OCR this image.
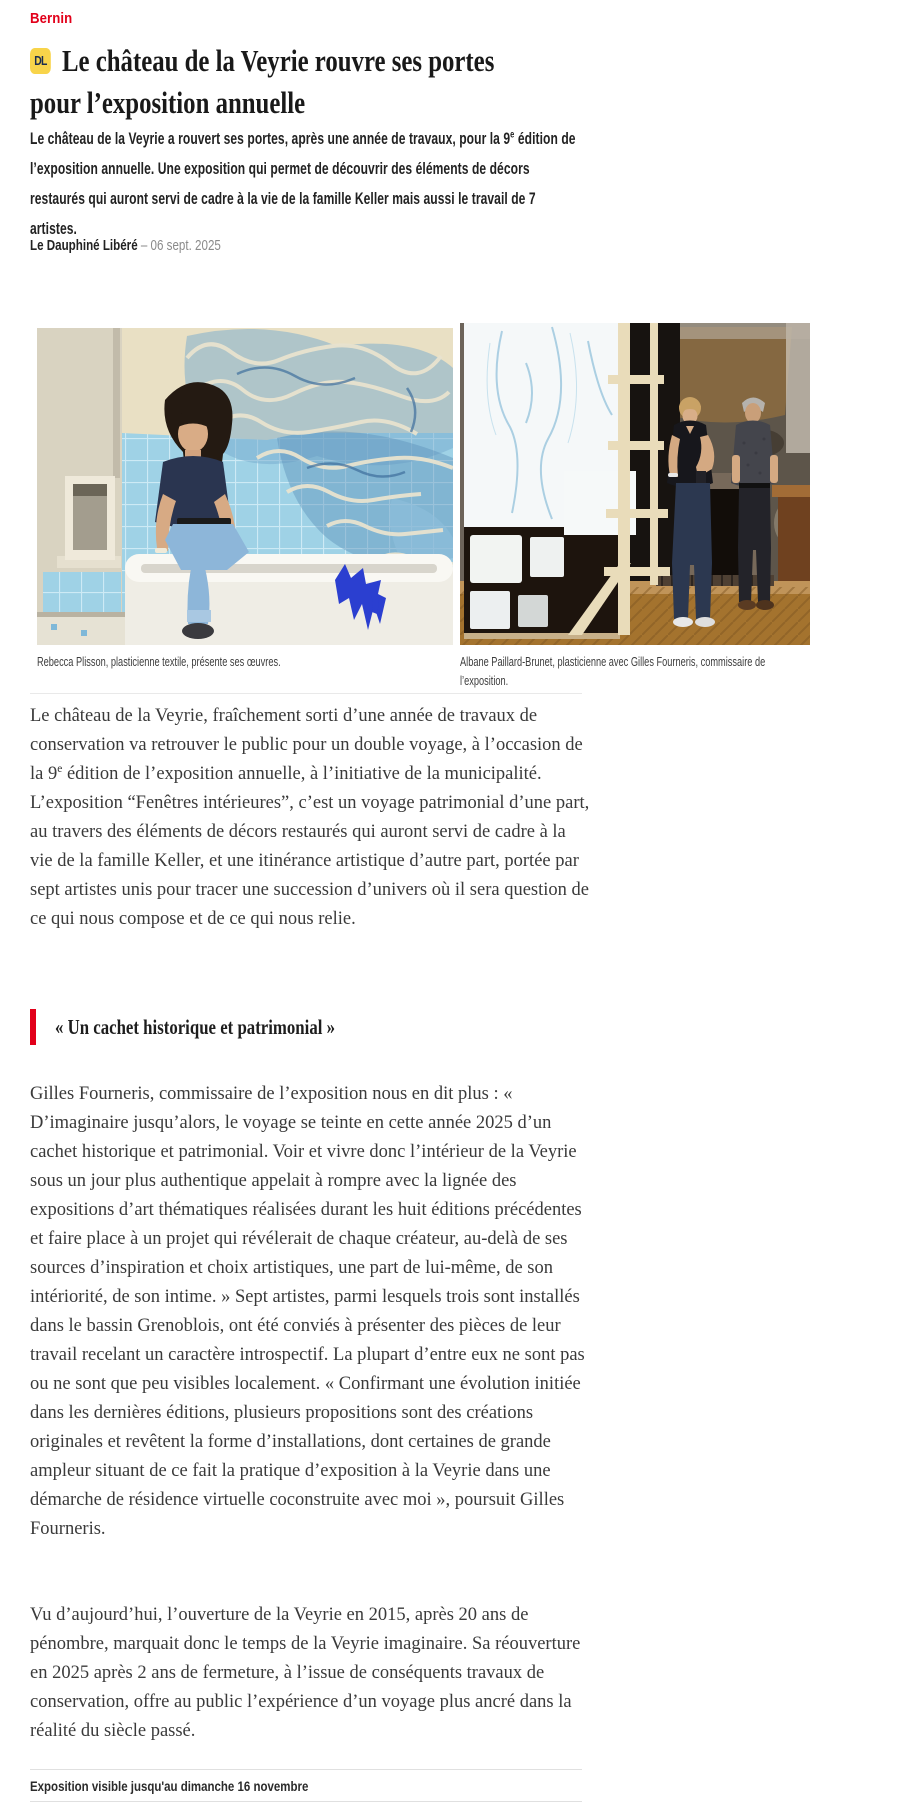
Bernin
DL Le château de la Veyrie rouvre ses portes
pour l’exposition annuelle
Le château de la Veyrie a rouvert ses portes, après une année de travaux, pour la 9e édition de l’exposition annuelle. Une exposition qui permet de découvrir des éléments de décors restaurés qui auront servi de cadre à la vie de la famille Keller mais aussi le travail de 7 artistes.
Le Dauphiné Libéré – 06 sept. 2025
Rebecca Plisson, plasticienne textile, présente ses œuvres.	Albane Paillard-Brunet, plasticienne avec Gilles Fourneris, commissaire de l’exposition.
Le château de la Veyrie, fraîchement sorti d’une année de travaux de conservation va retrouver le public pour un double voyage, à l’occasion de la 9e édition de l’exposition annuelle, à l’initiative de la municipalité. L’exposition “Fenêtres intérieures”, c’est un voyage patrimonial d’une part, au travers des éléments de décors restaurés qui auront servi de cadre à la vie de la famille Keller, et une itinérance artistique d’autre part, portée par sept artistes unis pour tracer une succession d’univers où il sera question de ce qui nous compose et de ce qui nous relie.
« Un cachet historique et patrimonial »
Gilles Fourneris, commissaire de l’exposition nous en dit plus : « D’imaginaire jusqu’alors, le voyage se teinte en cette année 2025 d’un cachet historique et patrimonial. Voir et vivre donc l’intérieur de la Veyrie sous un jour plus authentique appelait à rompre avec la lignée des expositions d’art thématiques réalisées durant les huit éditions précédentes et faire place à un projet qui révélerait de chaque créateur, au-delà de ses sources d’inspiration et choix artistiques, une part de lui-même, de son intériorité, de son intime. » Sept artistes, parmi lesquels trois sont installés dans le bassin Grenoblois, ont été conviés à présenter des pièces de leur travail recelant un caractère introspectif. La plupart d’entre eux ne sont pas ou ne sont que peu visibles localement. « Confirmant une évolution initiée dans les dernières éditions, plusieurs propositions sont des créations originales et revêtent la forme d’installations, dont certaines de grande ampleur situant de ce fait la pratique d’exposition à la Veyrie dans une démarche de résidence virtuelle coconstruite avec moi », poursuit Gilles Fourneris.
Vu d’aujourd’hui, l’ouverture de la Veyrie en 2015, après 20 ans de pénombre, marquait donc le temps de la Veyrie imaginaire. Sa réouverture en 2025 après 2 ans de fermeture, à l’issue de conséquents travaux de conservation, offre au public l’expérience d’un voyage plus ancré dans la réalité du siècle passé.
Exposition visible jusqu'au dimanche 16 novembre
